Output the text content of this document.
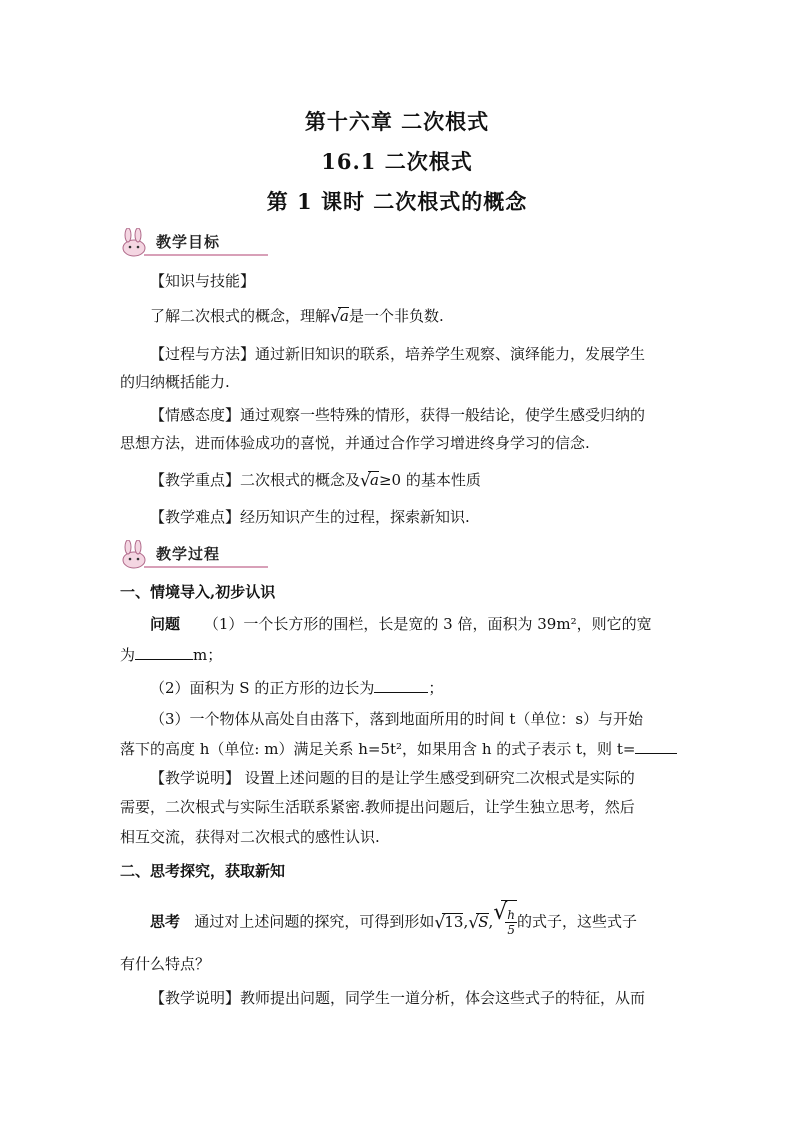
第十六章 二次根式
16.1 二次根式
第 1 课时 二次根式的概念
教学目标
【知识与技能】
了解二次根式的概念，理解 √ a是一个非负数.
【过程与方法】通过新旧知识的联系，培养学生观察、演绎能力，发展学生
的归纳概括能力.
【情感态度】通过观察一些特殊的情形，获得一般结论，使学生感受归纳的
思想方法，进而体验成功的喜悦，并通过合作学习增进终身学习的信念.
【教学重点】二次根式的概念及 √ a≥0 的基本性质
【教学难点】经历知识产生的过程，探索新知识.
教学过程
一、情境导入,初步认识
问题 （1）一个长方形的围栏，长是宽的 3 倍，面积为 39m²，则它的宽
为	m；
（2）面积为 S 的正方形的边长为	；
（3）一个物体从高处自由落下，落到地面所用的时间 t（单位：s）与开始
落下的高度 h（单位: m）满足关系 h=5t²，如果用含 h 的式子表示 t，则 t=
【教学说明】 设置上述问题的目的是让学生感受到研究二次根式是实际的
需要，二次根式与实际生活联系紧密.教师提出问题后，让学生独立思考，然后
相互交流，获得对二次根式的感性认识.
二、思考探究，获取新知
思考 通过对上述问题的探究，可得到形如 √ 13, √ S, √
$\frac{h}{5}$ 的式子，这些式子
有什么特点？
【教学说明】教师提出问题，同学生一道分析，体会这些式子的特征，从而
